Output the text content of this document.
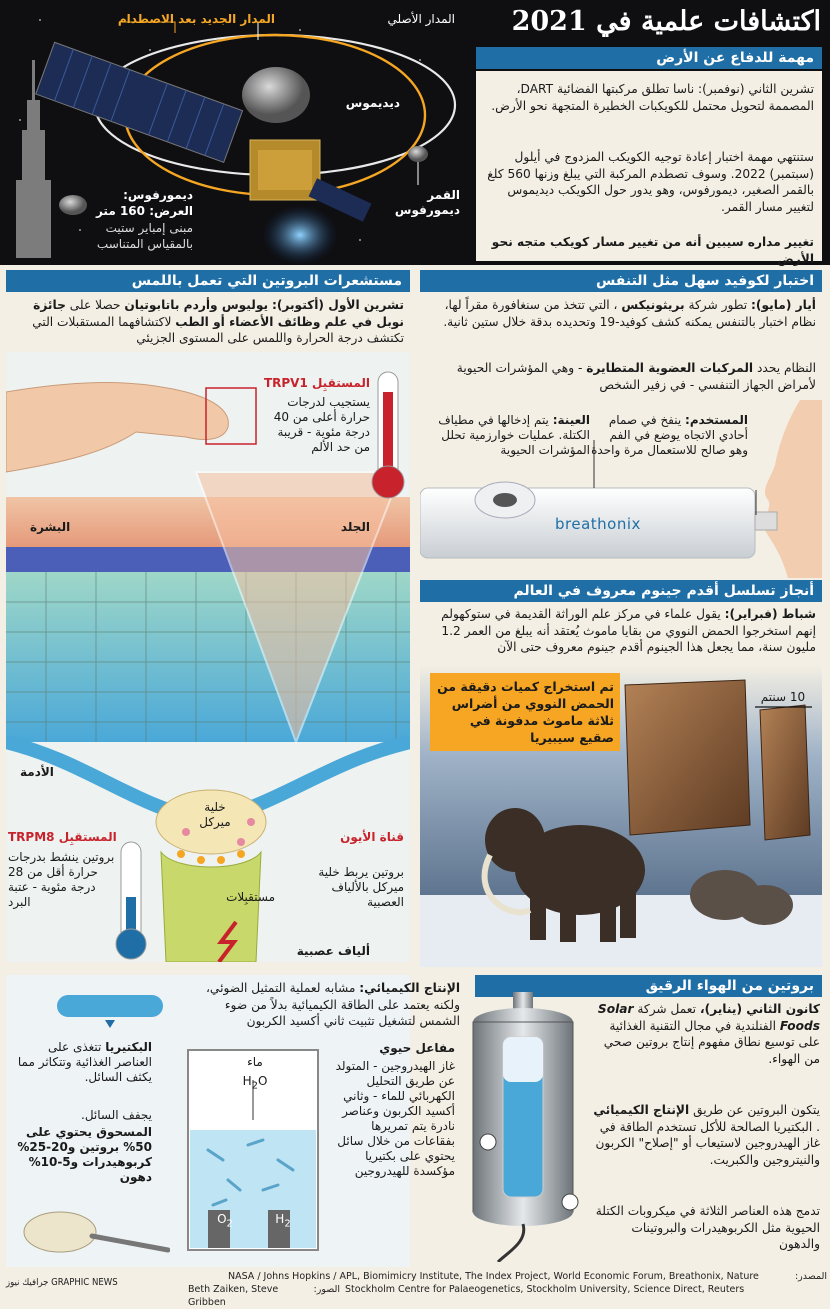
المدار الجديد بعد الاصطدام	المدار الأصلي
ديديموس
القمر
ديمورفوس
ديمورفوس:
العرض: 160 متر
مبنى إمباير ستيت
بالمقياس المتناسب
اكتشافات علمية في 2021
مهمة للدفاع عن الأرض
تشرين الثاني (نوفمبر): ناسا تطلق مركبتها الفضائية DART، المصممة لتحويل محتمل للكويكبات الخطيرة المتجهة نحو الأرض.
ستنتهي مهمة اختبار إعادة توجيه الكويكب المزدوج في أيلول (سبتمبر) 2022. وسوف تصطدم المركبة التي يبلغ وزنها 560 كلغ بالقمر الصغير، ديمورفوس، وهو يدور حول الكويكب ديديموس لتغيير مسار القمر.
تغيير مداره سيبين أنه من تغيير مسار كويكب متجه نحو الأرض
مستشعرات البروتين التي تعمل باللمس
تشرين الأول (أكتوبر): يوليوس وأردم باتابوتيان حصلا على جائزة نوبل في علم وظائف الأعضاء أو الطب لاكتشافهما المستقبلات التي تكتشف درجة الحرارة واللمس على المستوى الجزيئي
المستقبِل TRPV1
يستجيب لدرجات حرارة أعلى من 40 درجة مئوية - قريبة من حد الألم
البشرة	الجلد
الأدمة
خلية
ميركل
مستقبِلات
ألياف عصبية
المستقبِل TRPM8
بروتين ينشط بدرجات حرارة أقل من 28 درجة مئوية - عتبة البرد
قناة الأيون
بروتين يربط خلية ميركل بالألياف العصبية
اختبار لكوفيد سهل مثل التنفس
أيار (مايو): تطور شركة بريثونيكس ، التي تتخذ من سنغافورة مقراً لها، نظام اختبار بالتنفس يمكنه كشف كوفيد-19 وتحديده بدقة خلال ستين ثانية.
النظام يحدد المركبات العضوية المتطايرة - وهي المؤشرات الحيوية لأمراض الجهاز التنفسي - في زفير الشخص
breathonix
المستخدم: ينفخ في صمام أحادي الاتجاه يوضع في الفم وهو صالح للاستعمال مرة واحدة
العينة: يتم إدخالها في مطياف الكتلة. عمليات خوارزمية تحلل المؤشرات الحيوية
أنجاز تسلسل أقدم جينوم معروف في العالم
شباط (فبراير): يقول علماء في مركز علم الوراثة القديمة في ستوكهولم إنهم استخرجوا الحمض النووي من بقايا ماموث يُعتقد أنه يبلغ من العمر 1.2 مليون سنة، مما يجعل هذا الجينوم أقدم جينوم معروف حتى الآن
تم استخراج كميات دقيقة من الحمض النووي من أضراس ثلاثة ماموث مدفونة في صقيع سيبيريا
10 سنتم
بروتين من الهواء الرقيق
كانون الثاني (يناير)، تعمل شركة Solar Foods الفنلندية في مجال التقنية الغذائية على توسيع نطاق مفهوم إنتاج بروتين صحي من الهواء.
يتكون البروتين عن طريق الإنتاج الكيميائي . البكتيريا الصالحة للأكل تستخدم الطاقة في غاز الهيدروجين لاستيعاب أو "إصلاح" الكربون والنيتروجين والكبريت.
تدمج هذه العناصر الثلاثة في ميكروبات الكتلة الحيوية مثل الكربوهيدرات والبروتينات والدهون
الإنتاج الكيميائي: مشابه لعملية التمثيل الضوئي، ولكنه يعتمد على الطاقة الكيميائية بدلاً من ضوء الشمس لتشغيل تثبيت ثاني أكسيد الكربون
ماء
$H_2O$
$O_2$	$H_2$
مفاعل حيوي
غاز الهيدروجين - المتولد عن طريق التحليل الكهربائي للماء - وثاني أكسيد الكربون وعناصر نادرة يتم تمريرها بفقاعات من خلال سائل يحتوي على بكتيريا مؤكسدة للهيدروجين
البكتيريا تتغذى على العناصر الغذائية وتتكاثر مما يكثف السائل.
يجفف السائل.
المسحوق يحتوي على 50% بروتين و20-25% كربوهيدرات و5-10% دهون
جرافيك نيوز GRAPHIC NEWS
Beth Zaiken, Steve Gribben
الصور:
NASA / Johns Hopkins / APL, Biomimicry Institute, The Index Project, World Economic Forum, Breathonix, Nature	المصدر:
Stockholm Centre for Palaeogenetics, Stockholm University, Science Direct, Reuters
